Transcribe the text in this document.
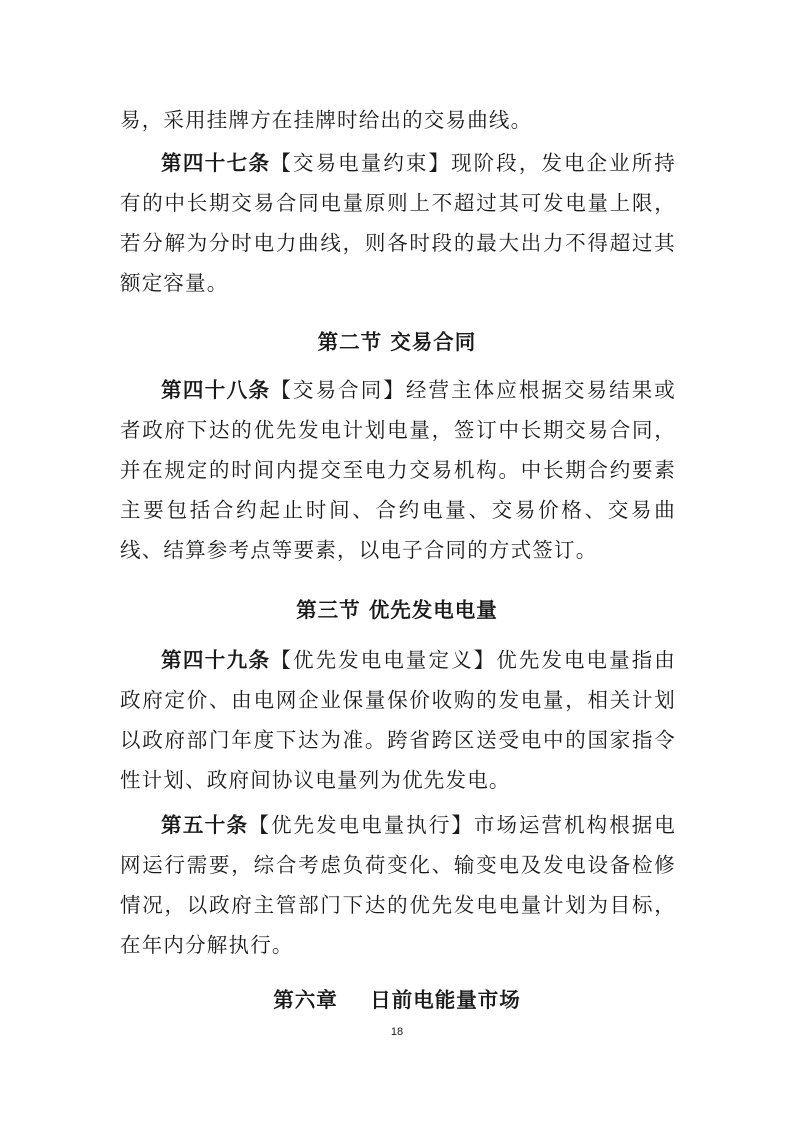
易，采用挂牌方在挂牌时给出的交易曲线。

第四十七条【交易电量约束】现阶段，发电企业所持有的中长期交易合同电量原则上不超过其可发电量上限，若分解为分时电力曲线，则各时段的最大出力不得超过其额定容量。

第二节 交易合同

第四十八条【交易合同】经营主体应根据交易结果或者政府下达的优先发电计划电量，签订中长期交易合同，并在规定的时间内提交至电力交易机构。中长期合约要素主要包括合约起止时间、合约电量、交易价格、交易曲线、结算参考点等要素，以电子合同的方式签订。

第三节 优先发电电量

第四十九条【优先发电电量定义】优先发电电量指由政府定价、由电网企业保量保价收购的发电量，相关计划以政府部门年度下达为准。跨省跨区送受电中的国家指令性计划、政府间协议电量列为优先发电。

第五十条【优先发电电量执行】市场运营机构根据电网运行需要，综合考虑负荷变化、输变电及发电设备检修情况，以政府主管部门下达的优先发电电量计划为目标，在年内分解执行。

第六章    日前电能量市场
18
